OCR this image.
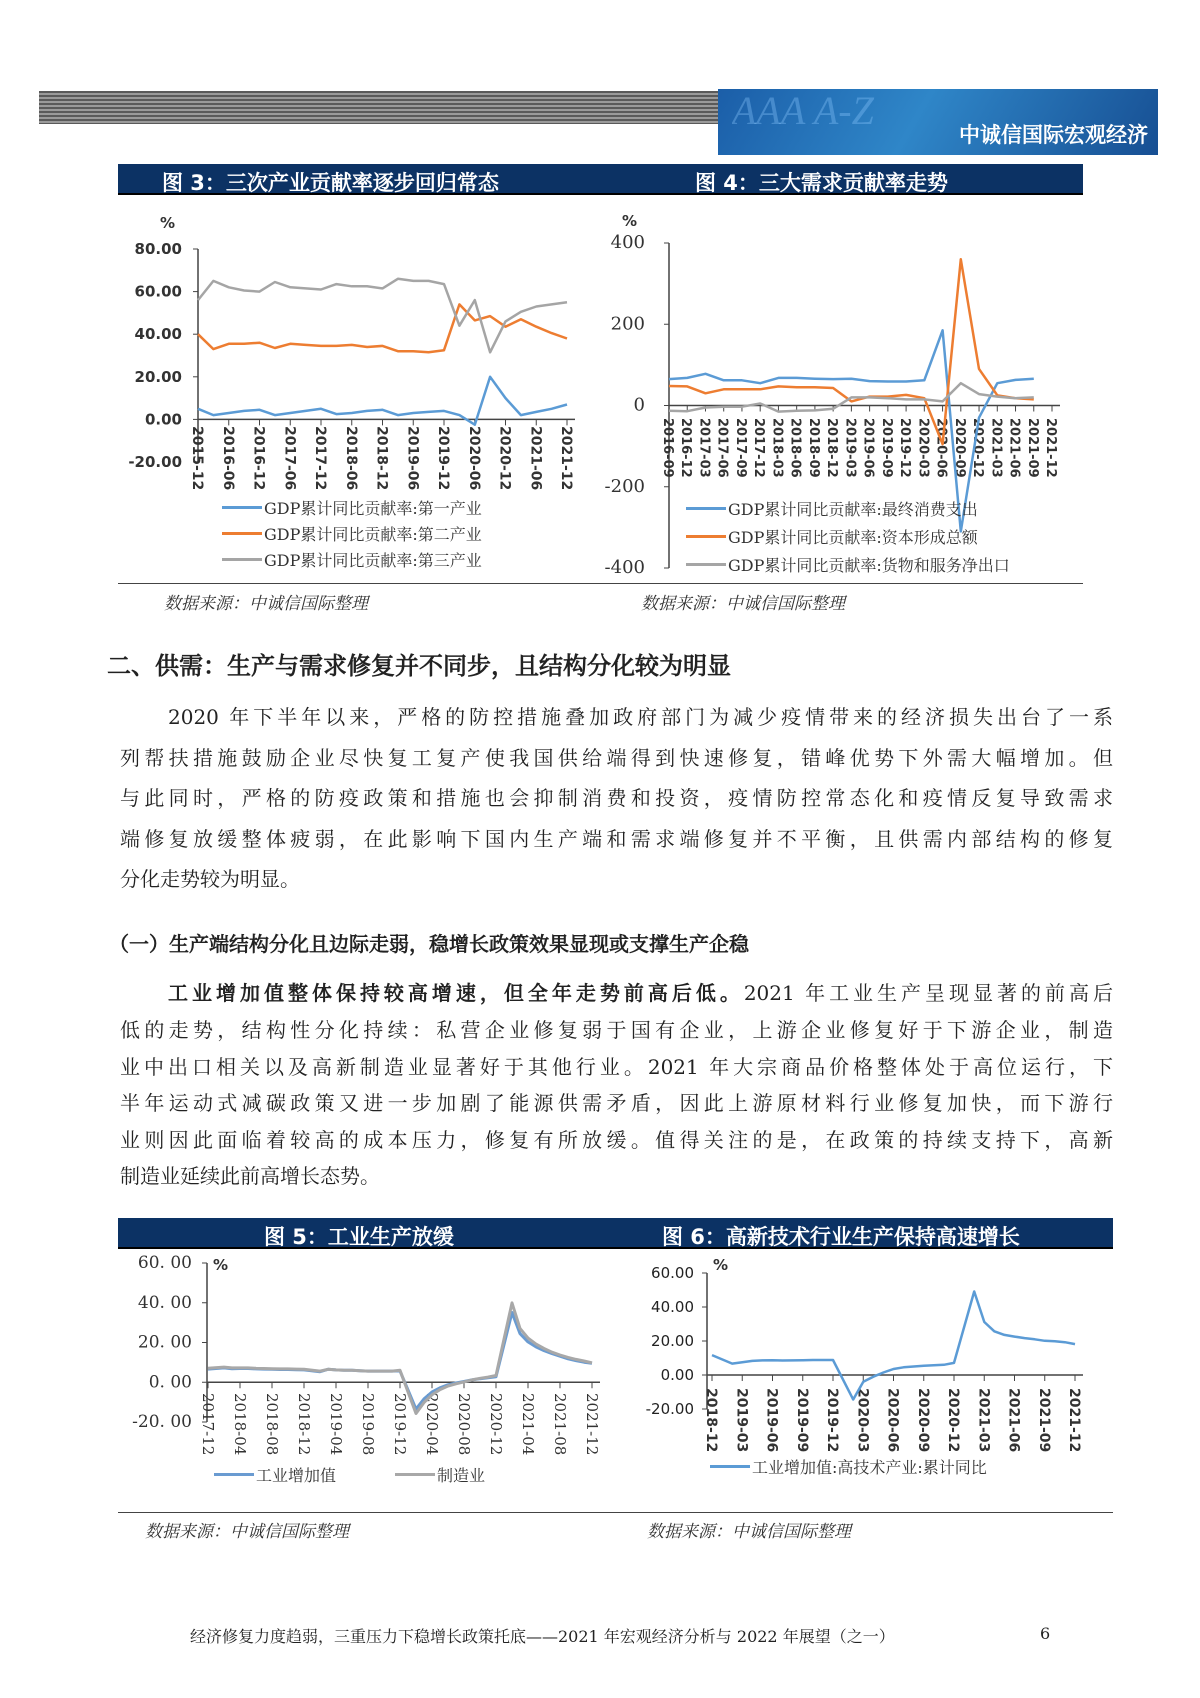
AAA A-Z
中诚信国际宏观经济
图 3：三次产业贡献率逐步回归常态	图 4：三大需求贡献率走势
%
80.00
60.00
40.00
20.00
0.00
-20.00 2015-12 2016-06 2016-12 2017-06 2017-12 2018-06 2018-12 2019-06 2019-12 2020-06 2020-12 2021-06 2021-12
%
400
200
0
-200
-400
2016-09 2016-12 2017-03 2017-06 2017-09 2017-12 2018-03 2018-06 2018-09 2018-12 2019-03 2019-06 2019-09 2019-12 2020-03 2020-06 2020-09 2020-12 2021-03 2021-06 2021-09 2021-12
GDP累计同比贡献率:第一产业
GDP累计同比贡献率:第二产业
GDP累计同比贡献率:第三产业
GDP累计同比贡献率:最终消费支出
GDP累计同比贡献率:资本形成总额
GDP累计同比贡献率:货物和服务净出口
数据来源：中诚信国际整理	数据来源：中诚信国际整理
二、供需：生产与需求修复并不同步，且结构分化较为明显
2020 年下半年以来，严格的防控措施叠加政府部门为减少疫情带来的经济损失出台了一系
列帮扶措施鼓励企业尽快复工复产使我国供给端得到快速修复，错峰优势下外需大幅增加。但
与此同时，严格的防疫政策和措施也会抑制消费和投资，疫情防控常态化和疫情反复导致需求
端修复放缓整体疲弱，在此影响下国内生产端和需求端修复并不平衡，且供需内部结构的修复
分化走势较为明显。
（一）生产端结构分化且边际走弱，稳增长政策效果显现或支撑生产企稳
工业增加值整体保持较高增速，但全年走势前高后低。2021 年工业生产呈现显著的前高后
低的走势，结构性分化持续：私营企业修复弱于国有企业，上游企业修复好于下游企业，制造
业中出口相关以及高新制造业显著好于其他行业。2021 年大宗商品价格整体处于高位运行，下
半年运动式减碳政策又进一步加剧了能源供需矛盾，因此上游原材料行业修复加快，而下游行
业则因此面临着较高的成本压力，修复有所放缓。值得关注的是，在政策的持续支持下，高新
制造业延续此前高增长态势。
图 5：工业生产放缓	图 6：高新技术行业生产保持高速增长
%
60. 00
40. 00
20. 00
0. 00
-20. 00 2017-12 2018-04 2018-08 2018-12 2019-04 2019-08 2019-12 2020-04 2020-08 2020-12 2021-04 2021-08 2021-12
%
60.00
40.00
20.00
0.00
-20.00 2018-12 2019-03 2019-06 2019-09 2019-12 2020-03 2020-06 2020-09 2020-12 2021-03 2021-06 2021-09 2021-12
工业增加值	制造业	工业增加值:高技术产业:累计同比
数据来源：中诚信国际整理	数据来源：中诚信国际整理
经济修复力度趋弱，三重压力下稳增长政策托底——2021 年宏观经济分析与 2022 年展望（之一）	6
